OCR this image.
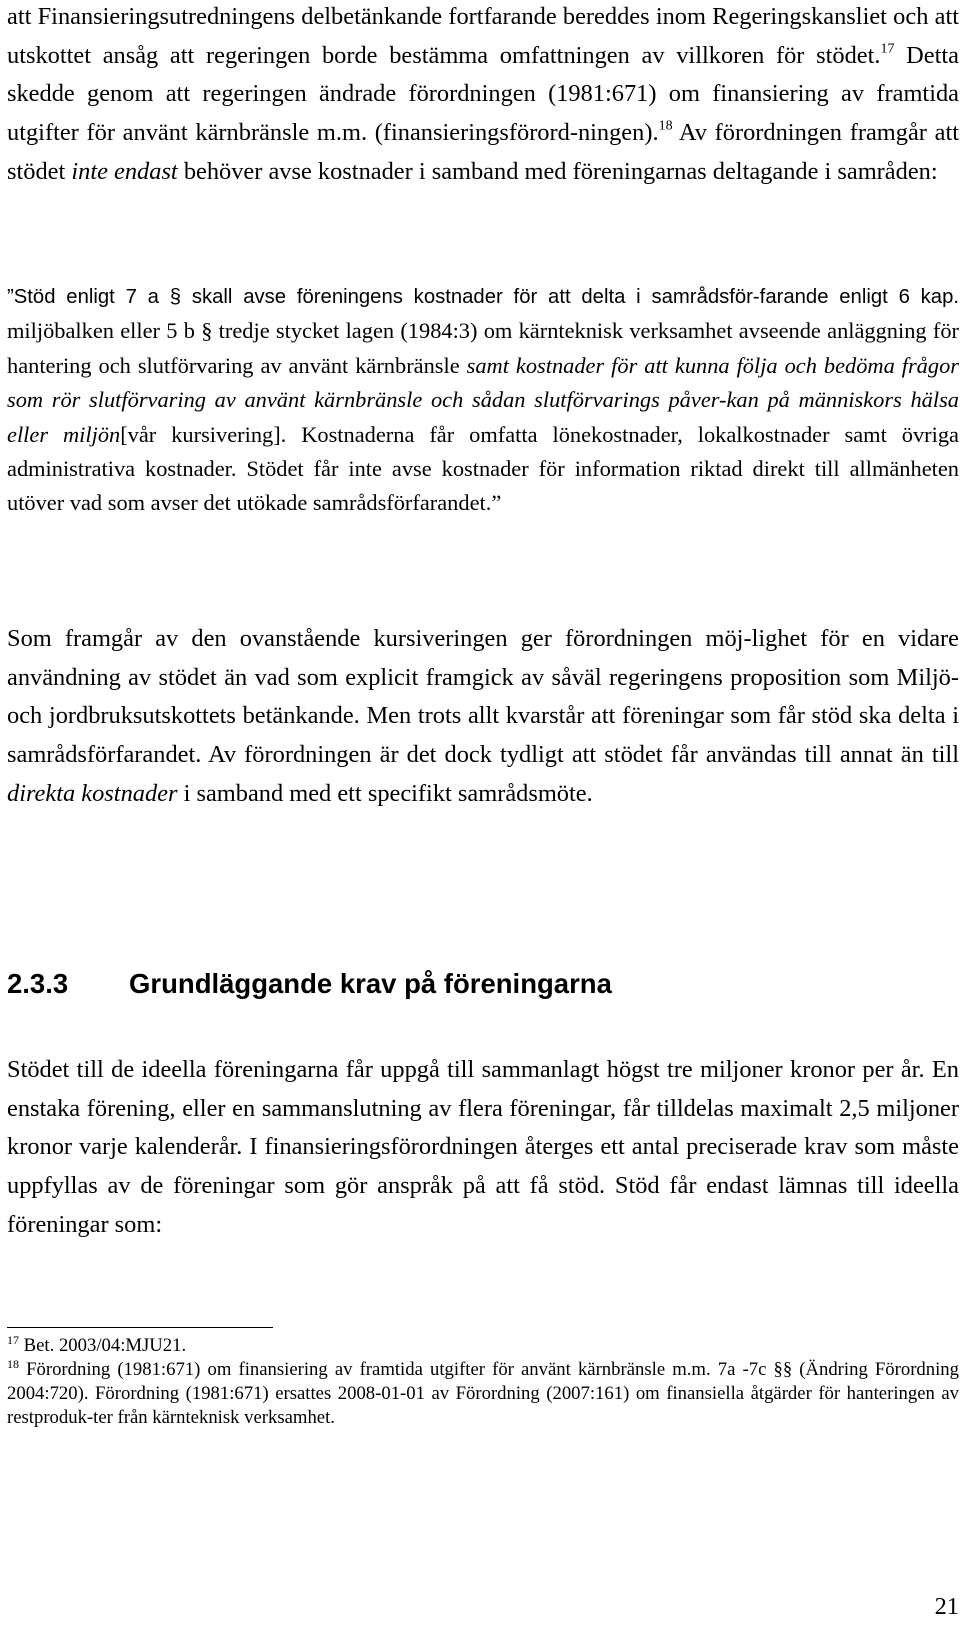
att Finansieringsutredningens delbetänkande fortfarande bereddes inom Regeringskansliet och att utskottet ansåg att regeringen borde bestämma omfattningen av villkoren för stödet.$^{17}$ Detta skedde genom att regeringen ändrade förordningen (1981:671) om finansiering av framtida utgifter för använt kärnbränsle m.m. (finansieringsförord-ningen).$^{18}$ Av förordningen framgår att stödet inte endast behöver avse kostnader i samband med föreningarnas deltagande i samråden:

”Stöd enligt 7 a § skall avse föreningens kostnader för att delta i samrådsför-farande enligt 6 kap. miljöbalken eller 5 b § tredje stycket lagen (1984:3) om kärnteknisk verksamhet avseende anläggning för hantering och slutförvaring av använt kärnbränsle samt kostnader för att kunna följa och bedöma frågor som rör slutförvaring av använt kärnbränsle och sådan slutförvarings påver-kan på människors hälsa eller miljön[vår kursivering]. Kostnaderna får omfatta lönekostnader, lokalkostnader samt övriga administrativa kostnader. Stödet får inte avse kostnader för information riktad direkt till allmänheten utöver vad som avser det utökade samrådsförfarandet.”

Som framgår av den ovanstående kursiveringen ger förordningen möj-lighet för en vidare användning av stödet än vad som explicit framgick av såväl regeringens proposition som Miljö- och jordbruksutskottets betänkande. Men trots allt kvarstår att föreningar som får stöd ska delta i samrådsförfarandet. Av förordningen är det dock tydligt att stödet får användas till annat än till direkta kostnader i samband med ett specifikt samrådsmöte.

2.3.3 Grundläggande krav på föreningarna

Stödet till de ideella föreningarna får uppgå till sammanlagt högst tre miljoner kronor per år. En enstaka förening, eller en sammanslutning av flera föreningar, får tilldelas maximalt 2,5 miljoner kronor varje kalenderår. I finansieringsförordningen återges ett antal preciserade krav som måste uppfyllas av de föreningar som gör anspråk på att få stöd. Stöd får endast lämnas till ideella föreningar som:

$^{17}$ Bet. 2003/04:MJU21.

$^{18}$ Förordning (1981:671) om finansiering av framtida utgifter för använt kärnbränsle m.m. 7a -7c §§ (Ändring Förordning 2004:720). Förordning (1981:671) ersattes 2008-01-01 av Förordning (2007:161) om finansiella åtgärder för hanteringen av restproduk-ter från kärnteknisk verksamhet.

21
